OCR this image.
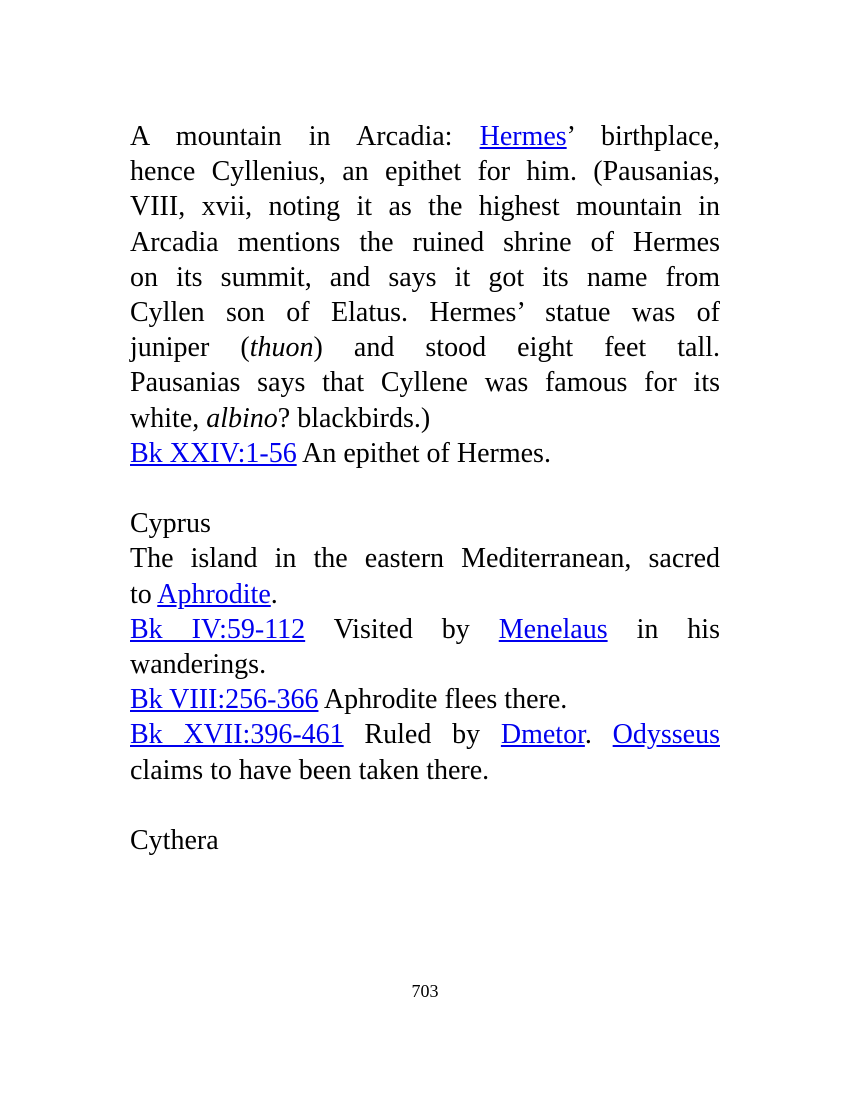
A mountain in Arcadia: Hermes’ birthplace,
hence Cyllenius, an epithet for him. (Pausanias,
VIII, xvii, noting it as the highest mountain in
Arcadia mentions the ruined shrine of Hermes
on its summit, and says it got its name from
Cyllen son of Elatus. Hermes’ statue was of
juniper (thuon) and stood eight feet tall.
Pausanias says that Cyllene was famous for its
white, albino? blackbirds.)
Bk XXIV:1-56 An epithet of Hermes.
Cyprus
The island in the eastern Mediterranean, sacred
to Aphrodite.
Bk IV:59-112 Visited by Menelaus in his
wanderings.
Bk VIII:256-366 Aphrodite flees there.
Bk XVII:396-461 Ruled by Dmetor. Odysseus
claims to have been taken there.
Cythera
703
